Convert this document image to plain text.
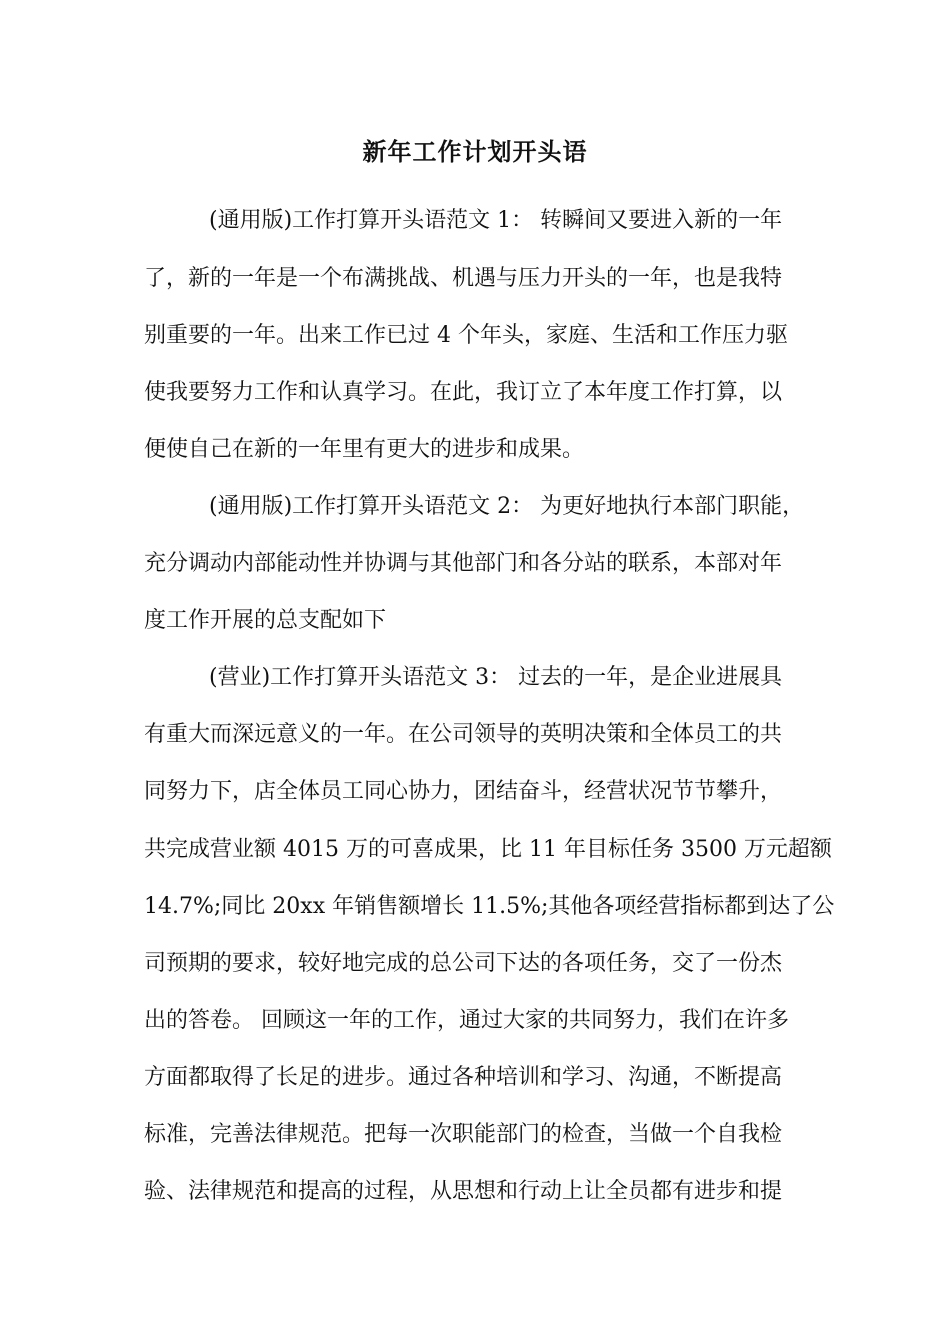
新年工作计划开头语

(通用版)工作打算开头语范文 1： 转瞬间又要进入新的一年

了，新的一年是一个布满挑战、机遇与压力开头的一年，也是我特

别重要的一年。出来工作已过 4 个年头，家庭、生活和工作压力驱

使我要努力工作和认真学习。在此，我订立了本年度工作打算，以

便使自己在新的一年里有更大的进步和成果。

(通用版)工作打算开头语范文 2： 为更好地执行本部门职能，

充分调动内部能动性并协调与其他部门和各分站的联系，本部对年

度工作开展的总支配如下

(营业)工作打算开头语范文 3： 过去的一年，是企业进展具

有重大而深远意义的一年。在公司领导的英明决策和全体员工的共

同努力下，店全体员工同心协力，团结奋斗，经营状况节节攀升，

共完成营业额 4015 万的可喜成果，比 11 年目标任务 3500 万元超额

14.7%;同比 20xx 年销售额增长 11.5%;其他各项经营指标都到达了公

司预期的要求，较好地完成的总公司下达的各项任务，交了一份杰

出的答卷。 回顾这一年的工作，通过大家的共同努力，我们在许多

方面都取得了长足的进步。通过各种培训和学习、沟通，不断提高

标准，完善法律规范。把每一次职能部门的检查，当做一个自我检

验、法律规范和提高的过程，从思想和行动上让全员都有进步和提
